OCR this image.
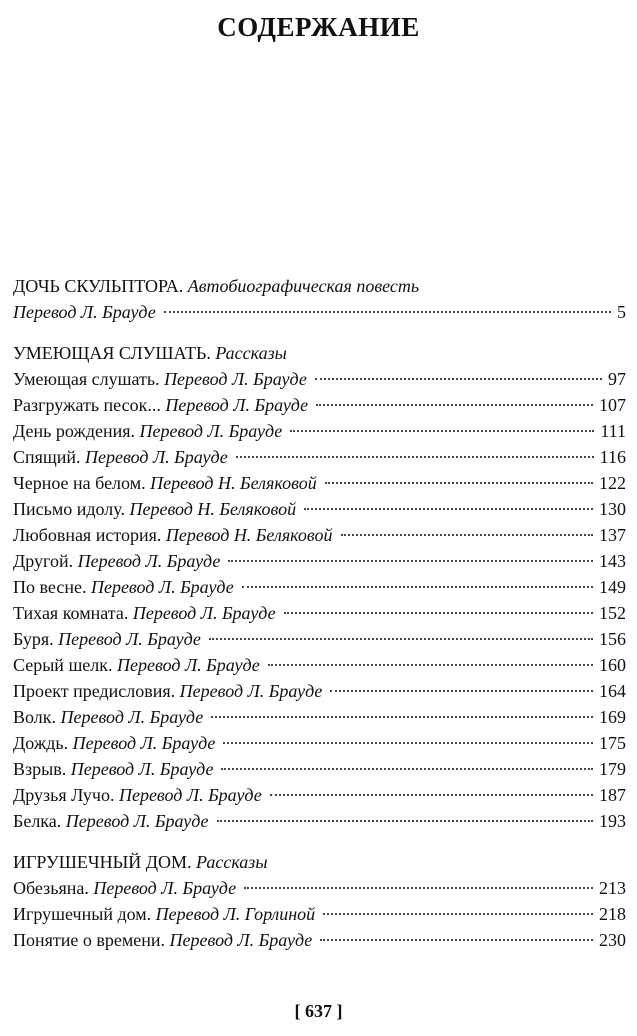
СОДЕРЖАНИЕ
ДОЧЬ СКУЛЬПТОРА. Автобиографическая повесть
Перевод Л. Брауде	5
УМЕЮЩАЯ СЛУШАТЬ. Рассказы
Умеющая слушать. Перевод Л. Брауде	97
Разгружать песок... Перевод Л. Брауде	107
День рождения. Перевод Л. Брауде	111
Спящий. Перевод Л. Брауде	116
Черное на белом. Перевод Н. Беляковой	122
Письмо идолу. Перевод Н. Беляковой	130
Любовная история. Перевод Н. Беляковой	137
Другой. Перевод Л. Брауде	143
По весне. Перевод Л. Брауде	149
Тихая комната. Перевод Л. Брауде	152
Буря. Перевод Л. Брауде	156
Серый шелк. Перевод Л. Брауде	160
Проект предисловия. Перевод Л. Брауде	164
Волк. Перевод Л. Брауде	169
Дождь. Перевод Л. Брауде	175
Взрыв. Перевод Л. Брауде	179
Друзья Лучо. Перевод Л. Брауде	187
Белка. Перевод Л. Брауде	193
ИГРУШЕЧНЫЙ ДОМ. Рассказы
Обезьяна. Перевод Л. Брауде	213
Игрушечный дом. Перевод Л. Горлиной	218
Понятие о времени. Перевод Л. Брауде	230
[ 637 ]
